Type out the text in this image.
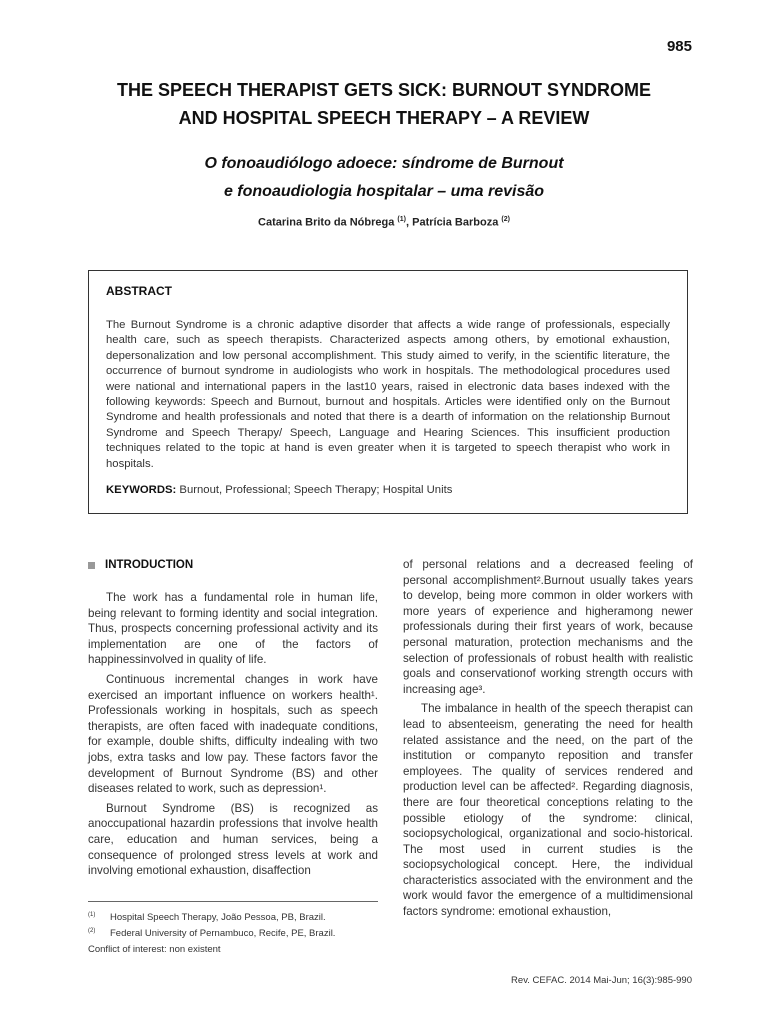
985
THE SPEECH THERAPIST GETS SICK: BURNOUT SYNDROME
AND HOSPITAL SPEECH THERAPY – A REVIEW
O fonoaudiólogo adoece: síndrome de Burnout
e fonoaudiologia hospitalar – uma revisão
Catarina Brito da Nóbrega $^{(1)}$, Patrícia Barboza $^{(2)}$
ABSTRACT
The Burnout Syndrome is a chronic adaptive disorder that affects a wide range of professionals, especially health care, such as speech therapists. Characterized aspects among others, by emotional exhaustion, depersonalization and low personal accomplishment. This study aimed to verify, in the scientific literature, the occurrence of burnout syndrome in audiologists who work in hospitals. The methodological procedures used were national and international papers in the last10 years, raised in electronic data bases indexed with the following keywords: Speech and Burnout, burnout and hospitals. Articles were identified only on the Burnout Syndrome and health professionals and noted that there is a dearth of information on the relationship Burnout Syndrome and Speech Therapy/ Speech, Language and Hearing Sciences. This insufficient production techniques related to the topic at hand is even greater when it is targeted to speech therapist who work in hospitals.
KEYWORDS: Burnout, Professional; Speech Therapy; Hospital Units
INTRODUCTION

The work has a fundamental role in human life, being relevant to forming identity and social integration. Thus, prospects concerning professional activity and its implementation are one of the factors of happinessinvolved in quality of life.

Continuous incremental changes in work have exercised an important influence on workers health¹. Professionals working in hospitals, such as speech therapists, are often faced with inadequate conditions, for example, double shifts, difficulty indealing with two jobs, extra tasks and low pay. These factors favor the development of Burnout Syndrome (BS) and other diseases related to work, such as depression¹.

Burnout Syndrome (BS) is recognized as anoccupational hazardin professions that involve health care, education and human services, being a consequence of prolonged stress levels at work and involving emotional exhaustion, disaffection

of personal relations and a decreased feeling of personal accomplishment².Burnout usually takes years to develop, being more common in older workers with more years of experience and higheramong newer professionals during their first years of work, because personal maturation, protection mechanisms and the selection of professionals of robust health with realistic goals and conservationof working strength occurs with increasing age³.

The imbalance in health of the speech therapist can lead to absenteeism, generating the need for health related assistance and the need, on the part of the institution or companyto reposition and transfer employees. The quality of services rendered and production level can be affected². Regarding diagnosis, there are four theoretical conceptions relating to the possible etiology of the syndrome: clinical, sociopsychological, organizational and socio-historical. The most used in current studies is the sociopsychological concept. Here, the individual characteristics associated with the environment and the work would favor the emergence of a multidimensional factors syndrome: emotional exhaustion,

(1)	Hospital Speech Therapy, João Pessoa, PB, Brazil.
(2)	Federal University of Pernambuco, Recife, PE, Brazil.
Conflict of interest: non existent
Rev. CEFAC. 2014 Mai-Jun; 16(3):985-990
